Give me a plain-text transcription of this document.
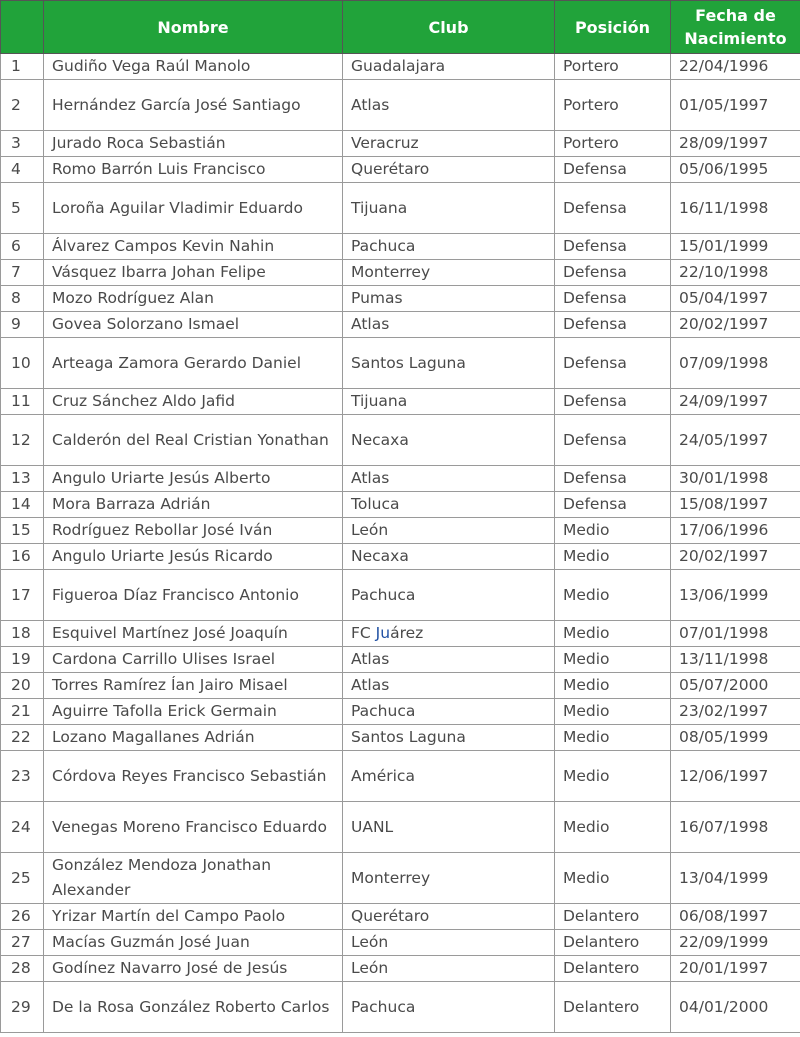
	Nombre	Club	Posición	Fecha de Nacimiento
1	Gudiño Vega Raúl Manolo	Guadalajara	Portero	22/04/1996
2	Hernández García José Santiago	Atlas	Portero	01/05/1997
3	Jurado Roca Sebastián	Veracruz	Portero	28/09/1997
4	Romo Barrón Luis Francisco	Querétaro	Defensa	05/06/1995
5	Loroña Aguilar Vladimir Eduardo	Tijuana	Defensa	16/11/1998
6	Álvarez Campos Kevin Nahin	Pachuca	Defensa	15/01/1999
7	Vásquez Ibarra Johan Felipe	Monterrey	Defensa	22/10/1998
8	Mozo Rodríguez Alan	Pumas	Defensa	05/04/1997
9	Govea Solorzano Ismael	Atlas	Defensa	20/02/1997
10	Arteaga Zamora Gerardo Daniel	Santos Laguna	Defensa	07/09/1998
11	Cruz Sánchez Aldo Jafid	Tijuana	Defensa	24/09/1997
12	Calderón del Real Cristian Yonathan	Necaxa	Defensa	24/05/1997
13	Angulo Uriarte Jesús Alberto	Atlas	Defensa	30/01/1998
14	Mora Barraza Adrián	Toluca	Defensa	15/08/1997
15	Rodríguez Rebollar José Iván	León	Medio	17/06/1996
16	Angulo Uriarte Jesús Ricardo	Necaxa	Medio	20/02/1997
17	Figueroa Díaz Francisco Antonio	Pachuca	Medio	13/06/1999
18	Esquivel Martínez José Joaquín	FC Juárez	Medio	07/01/1998
19	Cardona Carrillo Ulises Israel	Atlas	Medio	13/11/1998
20	Torres Ramírez Ían Jairo Misael	Atlas	Medio	05/07/2000
21	Aguirre Tafolla Erick Germain	Pachuca	Medio	23/02/1997
22	Lozano Magallanes Adrián	Santos Laguna	Medio	08/05/1999
23	Córdova Reyes Francisco Sebastián	América	Medio	12/06/1997
24	Venegas Moreno Francisco Eduardo	UANL	Medio	16/07/1998
25	González Mendoza Jonathan Alexander	Monterrey	Medio	13/04/1999
26	Yrizar Martín del Campo Paolo	Querétaro	Delantero	06/08/1997
27	Macías Guzmán José Juan	León	Delantero	22/09/1999
28	Godínez Navarro José de Jesús	León	Delantero	20/01/1997
29	De la Rosa González Roberto Carlos	Pachuca	Delantero	04/01/2000
